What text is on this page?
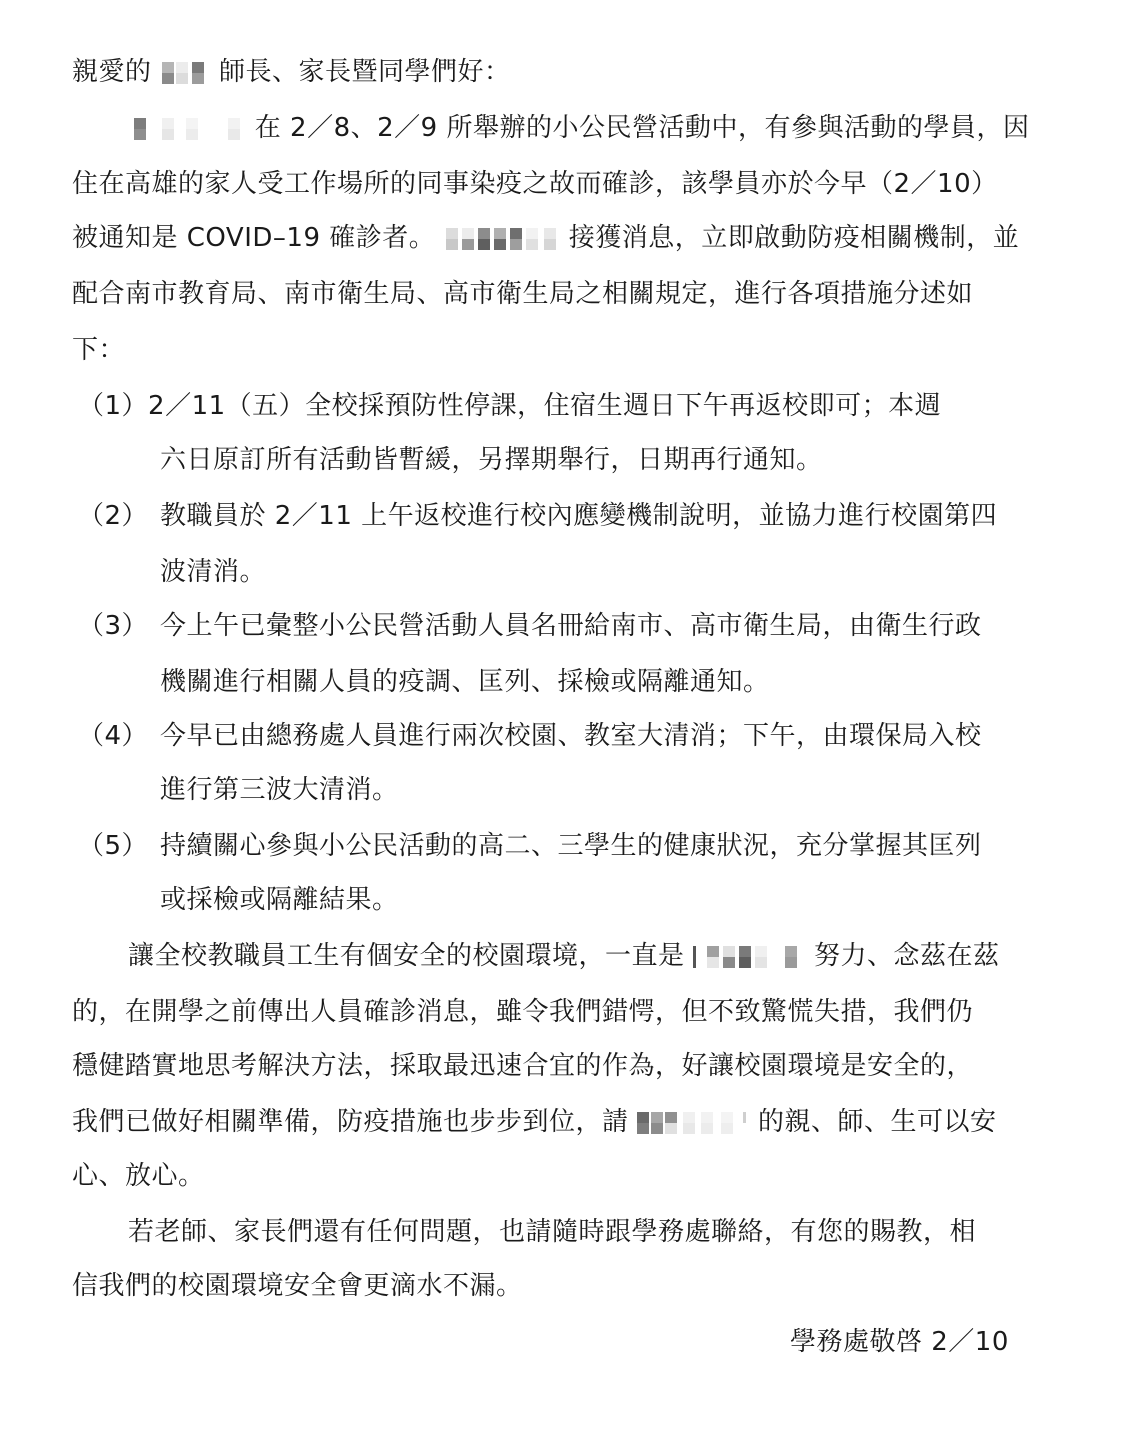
親愛的	師長、家長暨同學們好：
在 2／8、2／9 所舉辦的小公民營活動中，有參與活動的學員，因
住在高雄的家人受工作場所的同事染疫之故而確診，該學員亦於今早（2／10）
被通知是 COVID–19 確診者。	接獲消息，立即啟動防疫相關機制，並
配合南市教育局、南市衛生局、高市衛生局之相關規定，進行各項措施分述如
下：
（1）2／11（五）全校採預防性停課，住宿生週日下午再返校即可；本週
六日原訂所有活動皆暫緩，另擇期舉行，日期再行通知。
（2） 教職員於 2／11 上午返校進行校內應變機制說明，並協力進行校園第四
波清消。
（3） 今上午已彙整小公民營活動人員名冊給南市、高市衛生局，由衛生行政
機關進行相關人員的疫調、匡列、採檢或隔離通知。
（4） 今早已由總務處人員進行兩次校園、教室大清消；下午，由環保局入校
進行第三波大清消。
（5） 持續關心參與小公民活動的高二、三學生的健康狀況，充分掌握其匡列
或採檢或隔離結果。
讓全校教職員工生有個安全的校園環境，一直是	努力、念茲在茲
的，在開學之前傳出人員確診消息，雖令我們錯愕，但不致驚慌失措，我們仍
穩健踏實地思考解決方法，採取最迅速合宜的作為，好讓校園環境是安全的，
我們已做好相關準備，防疫措施也步步到位，請	的親、師、生可以安
心、放心。
若老師、家長們還有任何問題，也請隨時跟學務處聯絡，有您的賜教，相
信我們的校園環境安全會更滴水不漏。
學務處敬啓 2／10
